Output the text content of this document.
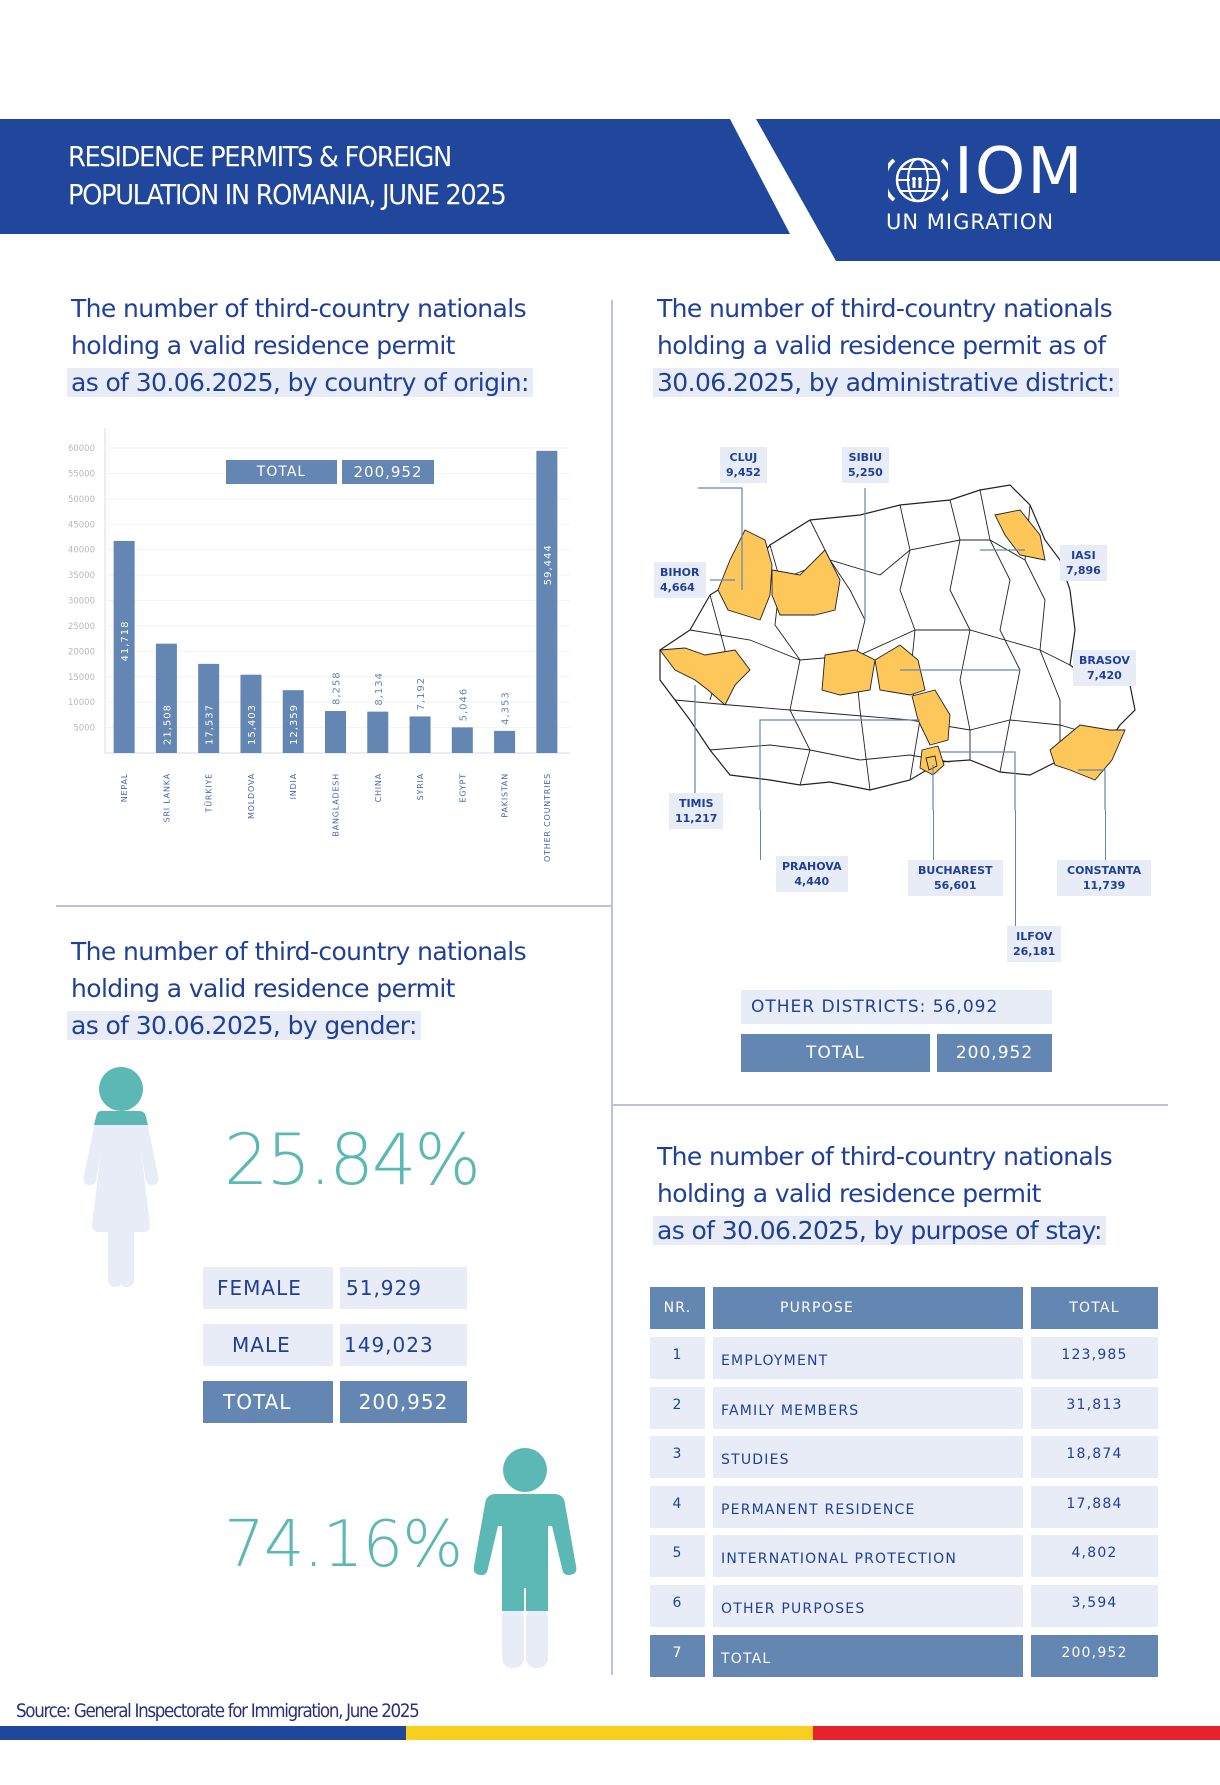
RESIDENCE PERMITS & FOREIGN
POPULATION IN ROMANIA, JUNE 2025	IOM
UN MIGRATION
The number of third-country nationals
holding a valid residence permit
as of 30.06.2025, by country of origin:
5000
10000
15000
20000
25000
30000
35000
40000
45000
50000
55000
60000
41,718
21,508	17,537	15,403	12,359
8,258	8,134	7,192	5,046	4,353
59,444
NEPAL	SRI LANKA	TÜRKIYE	MOLDOVA	INDIA	BANGLADESH	CHINA	SYRIA	EGYPT	PAKISTAN	OTHER COUNTRIES
TOTAL	200,952
The number of third-country nationals
holding a valid residence permit as of
30.06.2025, by administrative district:
CLUJ
9,452
SIBIU
5,250
BIHOR
4,664
IASI
7,896
BRASOV
7,420
TIMIS
11,217
PRAHOVA
4,440
BUCHAREST
56,601
CONSTANTA
11,739
ILFOV
26,181
OTHER DISTRICTS: 56,092
TOTAL	200,952
The number of third-country nationals
holding a valid residence permit
as of 30.06.2025, by gender:
25.84%
FEMALE	51,929
MALE	149,023
TOTAL	200,952
74.16%
The number of third-country nationals
holding a valid residence permit
as of 30.06.2025, by purpose of stay:
NR.	PURPOSE	TOTAL
1	EMPLOYMENT	123,985
2	FAMILY MEMBERS	31,813
3	STUDIES	18,874
4	PERMANENT RESIDENCE	17,884
5	INTERNATIONAL PROTECTION	4,802
6	OTHER PURPOSES	3,594
7	TOTAL	200,952
Source: General Inspectorate for Immigration, June 2025
